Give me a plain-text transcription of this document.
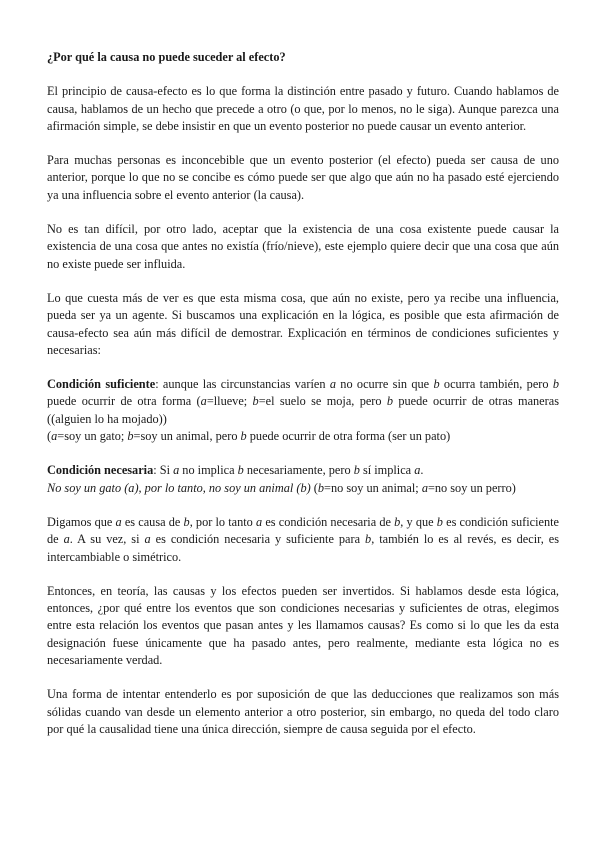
¿Por qué la causa no puede suceder al efecto?
El principio de causa-efecto es lo que forma la distinción entre pasado y futuro. Cuando hablamos de causa, hablamos de un hecho que precede a otro (o que, por lo menos, no le siga). Aunque parezca una afirmación simple, se debe insistir en que un evento posterior no puede causar un evento anterior.
Para muchas personas es inconcebible que un evento posterior (el efecto) pueda ser causa de uno anterior, porque lo que no se concibe es cómo puede ser que algo que aún no ha pasado esté ejerciendo ya una influencia sobre el evento anterior (la causa).
No es tan difícil, por otro lado, aceptar que la existencia de una cosa existente puede causar la existencia de una cosa que antes no existía (frío/nieve), este ejemplo quiere decir que una cosa que aún no existe puede ser influida.
Lo que cuesta más de ver es que esta misma cosa, que aún no existe, pero ya recibe una influencia, pueda ser ya un agente. Si buscamos una explicación en la lógica, es posible que esta afirmación de causa-efecto sea aún más difícil de demostrar. Explicación en términos de condiciones suficientes y necesarias:
Condición suficiente: aunque las circunstancias varíen a no ocurre sin que b ocurra también, pero b puede ocurrir de otra forma (a=llueve; b=el suelo se moja, pero b puede ocurrir de otras maneras ((alguien lo ha mojado))
(a=soy un gato; b=soy un animal, pero b puede ocurrir de otra forma (ser un pato)
Condición necesaria: Si a no implica b necesariamente, pero b sí implica a.
No soy un gato (a), por lo tanto, no soy un animal (b) (b=no soy un animal; a=no soy un perro)
Digamos que a es causa de b, por lo tanto a es condición necesaria de b, y que b es condición suficiente de a. A su vez, si a es condición necesaria y suficiente para b, también lo es al revés, es decir, es intercambiable o simétrico.
Entonces, en teoría, las causas y los efectos pueden ser invertidos. Si hablamos desde esta lógica, entonces, ¿por qué entre los eventos que son condiciones necesarias y suficientes de otras, elegimos entre esta relación los eventos que pasan antes y les llamamos causas? Es como si lo que les da esta designación fuese únicamente que ha pasado antes, pero realmente, mediante esta lógica no es necesariamente verdad.
Una forma de intentar entenderlo es por suposición de que las deducciones que realizamos son más sólidas cuando van desde un elemento anterior a otro posterior, sin embargo, no queda del todo claro por qué la causalidad tiene una única dirección, siempre de causa seguida por el efecto.
